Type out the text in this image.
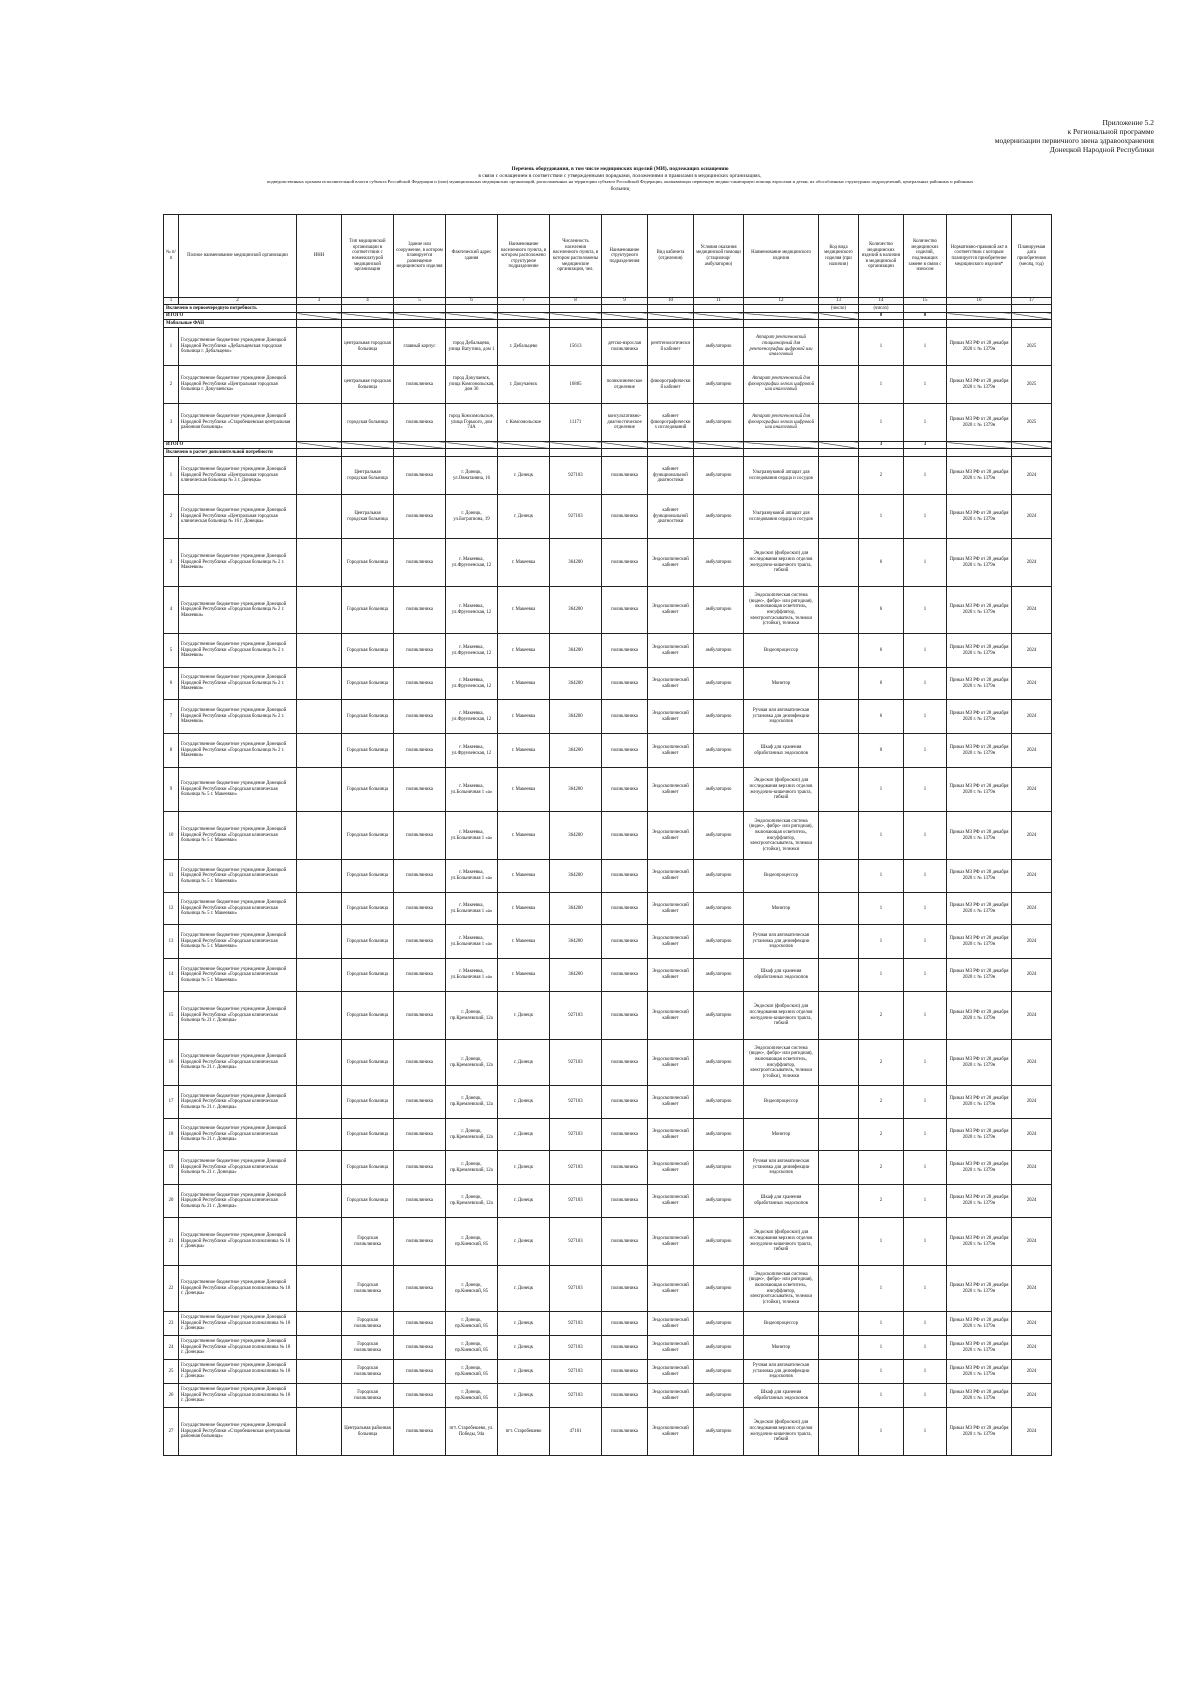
Приложение 5.2
к Региональной программе
модернизации первичного звена здравоохранения
Донецкой Народной Республики
Перечень оборудования, в том числе медицинских изделий (МИ), подлежащих оснащению
в связи с оснащением в соответствии с утвержденными порядками, положениями и правилами в медицинских организациях,
подведомственных органам исполнительной власти субъекта Российской Федерации и (или) муниципальных медицинских организаций, расположенных на территории субъекта Российской Федерации, оказывающих первичную медико-санитарную помощь взрослым и детям, их обособленных структурных подразделений, центральных районных и районных
больниц
№ п/п	Полное наименование медицинской организации	ИНН	Тип медицинской организации в соответствии с номенклатурой медицинской организации	Здание или сооружение, в котором планируется размещение медицинского изделия	Фактический адрес здания	Наименование населенного пункта, в котором расположено структурное подразделение	Численность населения населенного пункта, в котором расположены медицинские организации, чел.	Наименование структурного подразделения	Вид кабинета (отделения)	Условия оказания медицинской помощи (стационар/амбулаторно)	Наименование медицинского изделия	Код вида медицинского изделия (при наличии)	Количество медицинских изделий в наличии в медицинской организации	Количество медицинских изделий, подлежащих замене в связи с износом	Нормативно-правовой акт в соответствии с которым планируется приобретение медицинского изделия*	Планируемая дата приобретения (месяц, год)
1	2	3	4	5	6	7	8	9	10	11	12	13	14	15	16	17
Включено в первоочередную потребность												(число)	(число)			
ИТОГО													0	0		
Мобильные ФАП																
1	Государственное бюджетное учреждение Донецкой Народной Республики «Дебальцевская городская больница г. Дебальцево»		центральная городская больница	главный корпус	город Дебальцево, улица Ватутина, дом 1	г. Дебальцево	15613	детско-взрослая поликлиника	рентгенологический кабинет	амбулаторно	Аппарат рентгеновский стационарный для рентгенографии цифровой или аналоговый		1	1	Приказ МЗ РФ от 28 декабря 2020 г. № 1379н	2025
2	Государственное бюджетное учреждение Донецкой Народной Республики «Центральная городская больница г. Докучаевска»		центральная городская больница	поликлиника	город Докучаевск, улица Комсомольская, дом 36	г. Докучаевск	16885	поликлиническое отделение	флюорографический кабинет	амбулаторно	Аппарат рентгеновский для флюорографии легких цифровой или аналоговый		1	1	Приказ МЗ РФ от 28 декабря 2020 г. № 1379н	2025
3	Государственное бюджетное учреждение Донецкой Народной Республики «Старобешевская центральная районная больница»		городская больница	поликлиника	город Комсомольское, улица Горького, дом 74А	г. Комсомольское	11171	консультативно-диагностическое отделение	кабинет флюорографических исследований	амбулаторно	Аппарат рентгеновский для флюорографии легких цифровой или аналоговый		1	1	Приказ МЗ РФ от 28 декабря 2020 г. № 1379н	2025
ИТОГО													3	3		
Включено в расчет дополнительной потребности																
1	Государственное бюджетное учреждение Донецкой Народной Республики «Центральная городская клиническая больница № 3 г. Донецка»		Центральная городская больница	поликлиника	г. Донецк, ул.Овнатаняна, 16	г. Донецк	927103	поликлиника	кабинет функциональной диагностики	амбулаторно	Ультразвуковой аппарат для исследования сердца и сосудов		2	1	Приказ МЗ РФ от 28 декабря 2020 г. № 1379н	2024
2	Государственное бюджетное учреждение Донецкой Народной Республики «Центральная городская клиническая больница № 16 г. Донецка»		Центральная городская больница	поликлиника	г. Донецк, ул.Богратиона, 19	г. Донецк	927103	поликлиника	кабинет функциональной диагностики	амбулаторно	Ультразвуковой аппарат для исследования сердца и сосудов		1	1	Приказ МЗ РФ от 28 декабря 2020 г. № 1379н	2024
3	Государственное бюджетное учреждение Донецкой Народной Республики «Городская больница № 2 г. Макеевки»		Городская больница	поликлиника	г. Макеевка, ул.Фрунзенская, 12	г. Макеевка	364200	поликлиника	Эндоскопический кабинет	амбулаторно	Эндоскоп (фиброскоп) для исследования верхних отделов желудочно-кишечного тракта, гибкий		6	1	Приказ МЗ РФ от 28 декабря 2020 г. № 1379н	2024
4	Государственное бюджетное учреждение Донецкой Народной Республики «Городская больница № 2 г. Макеевки»		Городская больница	поликлиника	г. Макеевка, ул.Фрунзенская, 12	г. Макеевка	364200	поликлиника	Эндоскопический кабинет	амбулаторно	Эндоскопическая система (видео-, фибро- или ригидная), включающая осветитель, инсуффлятор, электроотсасыватель, тележки (стойки), тележки		6	1	Приказ МЗ РФ от 28 декабря 2020 г. № 1379н	2024
5	Государственное бюджетное учреждение Донецкой Народной Республики «Городская больница № 2 г. Макеевки»		Городская больница	поликлиника	г. Макеевка, ул.Фрунзенская, 12	г. Макеевка	364200	поликлиника	Эндоскопический кабинет	амбулаторно	Видеопроцессор		6	1	Приказ МЗ РФ от 28 декабря 2020 г. № 1379н	2024
6	Государственное бюджетное учреждение Донецкой Народной Республики «Городская больница № 2 г. Макеевки»		Городская больница	поликлиника	г. Макеевка, ул.Фрунзенская, 12	г. Макеевка	364200	поликлиника	Эндоскопический кабинет	амбулаторно	Монитор		6	1	Приказ МЗ РФ от 28 декабря 2020 г. № 1379н	2024
7	Государственное бюджетное учреждение Донецкой Народной Республики «Городская больница № 2 г. Макеевки»		Городская больница	поликлиника	г. Макеевка, ул.Фрунзенская, 12	г. Макеевка	364200	поликлиника	Эндоскопический кабинет	амбулаторно	Ручная или автоматическая установка для дезинфекции эндоскопов		6	1	Приказ МЗ РФ от 28 декабря 2020 г. № 1379н	2024
8	Государственное бюджетное учреждение Донецкой Народной Республики «Городская больница № 2 г. Макеевки»		Городская больница	поликлиника	г. Макеевка, ул.Фрунзенская, 12	г. Макеевка	364200	поликлиника	Эндоскопический кабинет	амбулаторно	Шкаф для хранения обработанных эндоскопов		0	1	Приказ МЗ РФ от 28 декабря 2020 г. № 1379н	2024
9	Государственное бюджетное учреждение Донецкой Народной Республики «Городская клиническая больница № 5 г. Макеевки»		Городская больница	поликлиника	г. Макеевка, ул.Больничная 1 «а»	г. Макеевка	364200	поликлиника	Эндоскопический кабинет	амбулаторно	Эндоскоп (фиброскоп) для исследования верхних отделов желудочно-кишечного тракта, гибкий		1	1	Приказ МЗ РФ от 28 декабря 2020 г. № 1379н	2024
10	Государственное бюджетное учреждение Донецкой Народной Республики «Городская клиническая больница № 5 г. Макеевки»		Городская больница	поликлиника	г. Макеевка, ул.Больничная 1 «а»	г. Макеевка	364200	поликлиника	Эндоскопический кабинет	амбулаторно	Эндоскопическая система (видео-, фибро- или ригидная), включающая осветитель, инсуффлятор, электроотсасыватель, тележки (стойки), тележки		1	1	Приказ МЗ РФ от 28 декабря 2020 г. № 1379н	2024
11	Государственное бюджетное учреждение Донецкой Народной Республики «Городская клиническая больница № 5 г. Макеевки»		Городская больница	поликлиника	г. Макеевка, ул.Больничная 1 «а»	г. Макеевка	364200	поликлиника	Эндоскопический кабинет	амбулаторно	Видеопроцессор		1	1	Приказ МЗ РФ от 28 декабря 2020 г. № 1379н	2024
12	Государственное бюджетное учреждение Донецкой Народной Республики «Городская клиническая больница № 5 г. Макеевки»		Городская больница	поликлиника	г. Макеевка, ул.Больничная 1 «а»	г. Макеевка	364200	поликлиника	Эндоскопический кабинет	амбулаторно	Монитор		1	1	Приказ МЗ РФ от 28 декабря 2020 г. № 1379н	2024
13	Государственное бюджетное учреждение Донецкой Народной Республики «Городская клиническая больница № 5 г. Макеевки»		Городская больница	поликлиника	г. Макеевка, ул.Больничная 1 «а»	г. Макеевка	364200	поликлиника	Эндоскопический кабинет	амбулаторно	Ручная или автоматическая установка для дезинфекции эндоскопов		1	1	Приказ МЗ РФ от 28 декабря 2020 г. № 1379н	2024
14	Государственное бюджетное учреждение Донецкой Народной Республики «Городская клиническая больница № 5 г. Макеевки»		Городская больница	поликлиника	г. Макеевка, ул.Больничная 1 «а»	г. Макеевка	364200	поликлиника	Эндоскопический кабинет	амбулаторно	Шкаф для хранения обработанных эндоскопов		1	1	Приказ МЗ РФ от 28 декабря 2020 г. № 1379н	2024
15	Государственное бюджетное учреждение Донецкой Народной Республики «Городская клиническая больница № 21 г. Донецка»		Городская больница	поликлиника	г. Донецк, пр.Кремлевский, 12а	г. Донецк	927103	поликлиника	Эндоскопический кабинет	амбулаторно	Эндоскоп (фиброскоп) для исследования верхних отделов желудочно-кишечного тракта, гибкий		2	1	Приказ МЗ РФ от 28 декабря 2020 г. № 1379н	2024
16	Государственное бюджетное учреждение Донецкой Народной Республики «Городская клиническая больница № 21 г. Донецка»		Городская больница	поликлиника	г. Донецк, пр.Кремлевский, 12а	г. Донецк	927103	поликлиника	Эндоскопический кабинет	амбулаторно	Эндоскопическая система (видео-, фибро- или ригидная), включающая осветитель, инсуффлятор, электроотсасыватель, тележки (стойки), тележки		2	1	Приказ МЗ РФ от 28 декабря 2020 г. № 1379н	2024
17	Государственное бюджетное учреждение Донецкой Народной Республики «Городская клиническая больница № 21 г. Донецка»		Городская больница	поликлиника	г. Донецк, пр.Кремлевский, 12а	г. Донецк	927103	поликлиника	Эндоскопический кабинет	амбулаторно	Видеопроцессор		2	1	Приказ МЗ РФ от 28 декабря 2020 г. № 1379н	2024
18	Государственное бюджетное учреждение Донецкой Народной Республики «Городская клиническая больница № 21 г. Донецка»		Городская больница	поликлиника	г. Донецк, пр.Кремлевский, 12а	г. Донецк	927103	поликлиника	Эндоскопический кабинет	амбулаторно	Монитор		2	1	Приказ МЗ РФ от 28 декабря 2020 г. № 1379н	2024
19	Государственное бюджетное учреждение Донецкой Народной Республики «Городская клиническая больница № 21 г. Донецка»		Городская больница	поликлиника	г. Донецк, пр.Кремлевский, 12а	г. Донецк	927103	поликлиника	Эндоскопический кабинет	амбулаторно	Ручная или автоматическая установка для дезинфекции эндоскопов		2	1	Приказ МЗ РФ от 28 декабря 2020 г. № 1379н	2024
20	Государственное бюджетное учреждение Донецкой Народной Республики «Городская клиническая больница № 21 г. Донецка»		Городская больница	поликлиника	г. Донецк, пр.Кремлевский, 12а	г. Донецк	927103	поликлиника	Эндоскопический кабинет	амбулаторно	Шкаф для хранения обработанных эндоскопов		2	1	Приказ МЗ РФ от 28 декабря 2020 г. № 1379н	2024
21	Государственное бюджетное учреждение Донецкой Народной Республики «Городская поликлиника № 18 г. Донецка»		Городская поликлиника	поликлиника	г. Донецк, пр.Киевский, 85	г. Донецк	927103	поликлиника	Эндоскопический кабинет	амбулаторно	Эндоскоп (фиброскоп) для исследования верхних отделов желудочно-кишечного тракта, гибкий		1	1	Приказ МЗ РФ от 28 декабря 2020 г. № 1379н	2024
22	Государственное бюджетное учреждение Донецкой Народной Республики «Городская поликлиника № 18 г. Донецка»		Городская поликлиника	поликлиника	г. Донецк, пр.Киевский, 85	г. Донецк	927103	поликлиника	Эндоскопический кабинет	амбулаторно	Эндоскопическая система (видео-, фибро- или ригидная), включающая осветитель, инсуффлятор, электроотсасыватель, тележки (стойки), тележки		1	1	Приказ МЗ РФ от 28 декабря 2020 г. № 1379н	2024
23	Государственное бюджетное учреждение Донецкой Народной Республики «Городская поликлиника № 18 г. Донецка»		Городская поликлиника	поликлиника	г. Донецк, пр.Киевский, 85	г. Донецк	927103	поликлиника	Эндоскопический кабинет	амбулаторно	Видеопроцессор		1	1	Приказ МЗ РФ от 28 декабря 2020 г. № 1379н	2024
24	Государственное бюджетное учреждение Донецкой Народной Республики «Городская поликлиника № 18 г. Донецка»		Городская поликлиника	поликлиника	г. Донецк, пр.Киевский, 85	г. Донецк	927103	поликлиника	Эндоскопический кабинет	амбулаторно	Монитор		1	1	Приказ МЗ РФ от 28 декабря 2020 г. № 1379н	2024
25	Государственное бюджетное учреждение Донецкой Народной Республики «Городская поликлиника № 18 г. Донецка»		Городская поликлиника	поликлиника	г. Донецк, пр.Киевский, 85	г. Донецк	927103	поликлиника	Эндоскопический кабинет	амбулаторно	Ручная или автоматическая установка для дезинфекции эндоскопов		1	1	Приказ МЗ РФ от 28 декабря 2020 г. № 1379н	2024
26	Государственное бюджетное учреждение Донецкой Народной Республики «Городская поликлиника № 18 г. Донецка»		Городская поликлиника	поликлиника	г. Донецк, пр.Киевский, 85	г. Донецк	927103	поликлиника	Эндоскопический кабинет	амбулаторно	Шкаф для хранения обработанных эндоскопов		1	1	Приказ МЗ РФ от 28 декабря 2020 г. № 1379н	2024
27	Государственное бюджетное учреждение Донецкой Народной Республики «Старобешевская центральная районная больница»		Центральная районная больница	поликлиника	пгт. Старобешево, ул. Победы, 94а	пгт. Старобешево	47161	поликлиника	Эндоскопический кабинет	амбулаторно	Эндоскоп (фиброскоп) для исследования верхних отделов желудочно-кишечного тракта, гибкий		1	1	Приказ МЗ РФ от 28 декабря 2020 г. № 1379н	2024
